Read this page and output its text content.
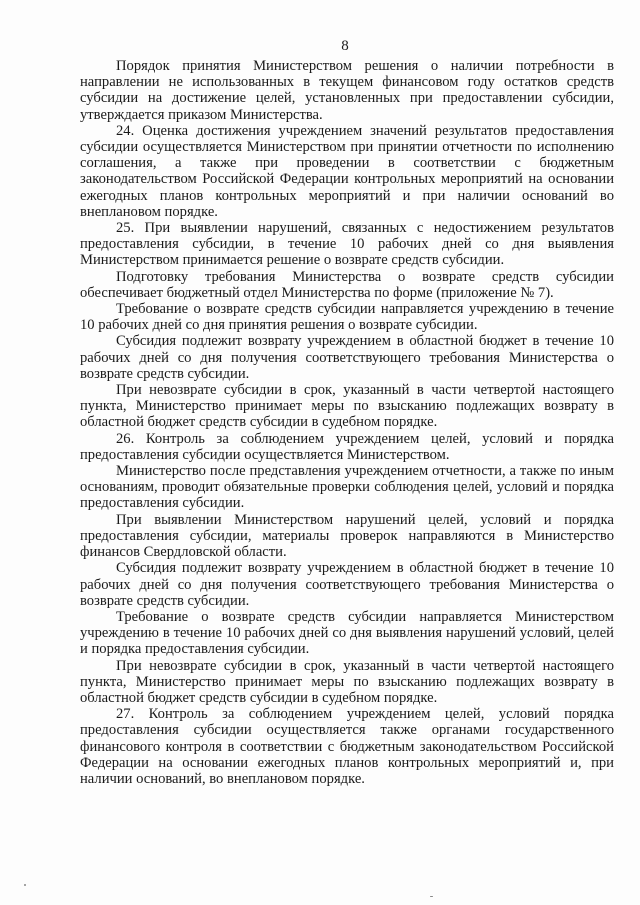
8

Порядок принятия Министерством решения о наличии потребности в направлении не использованных в текущем финансовом году остатков средств субсидии на достижение целей, установленных при предоставлении субсидии, утверждается приказом Министерства.

24. Оценка достижения учреждением значений результатов предоставления субсидии осуществляется Министерством при принятии отчетности по исполнению соглашения, а также при проведении в соответствии с бюджетным законодательством Российской Федерации контрольных мероприятий на основании ежегодных планов контрольных мероприятий и при наличии оснований во внеплановом порядке.

25. При выявлении нарушений, связанных с недостижением результатов предоставления субсидии, в течение 10 рабочих дней со дня выявления Министерством принимается решение о возврате средств субсидии.

Подготовку требования Министерства о возврате средств субсидии обеспечивает бюджетный отдел Министерства по форме (приложение № 7).

Требование о возврате средств субсидии направляется учреждению в течение 10 рабочих дней со дня принятия решения о возврате субсидии.

Субсидия подлежит возврату учреждением в областной бюджет в течение 10 рабочих дней со дня получения соответствующего требования Министерства о возврате средств субсидии.

При невозврате субсидии в срок, указанный в части четвертой настоящего пункта, Министерство принимает меры по взысканию подлежащих возврату в областной бюджет средств субсидии в судебном порядке.

26. Контроль за соблюдением учреждением целей, условий и порядка предоставления субсидии осуществляется Министерством.

Министерство после представления учреждением отчетности, а также по иным основаниям, проводит обязательные проверки соблюдения целей, условий и порядка предоставления субсидии.

При выявлении Министерством нарушений целей, условий и порядка предоставления субсидии, материалы проверок направляются в Министерство финансов Свердловской области.

Субсидия подлежит возврату учреждением в областной бюджет в течение 10 рабочих дней со дня получения соответствующего требования Министерства о возврате средств субсидии.

Требование о возврате средств субсидии направляется Министерством учреждению в течение 10 рабочих дней со дня выявления нарушений условий, целей и порядка предоставления субсидии.

При невозврате субсидии в срок, указанный в части четвертой настоящего пункта, Министерство принимает меры по взысканию подлежащих возврату в областной бюджет средств субсидии в судебном порядке.

27. Контроль за соблюдением учреждением целей, условий порядка предоставления субсидии осуществляется также органами государственного финансового контроля в соответствии с бюджетным законодательством Российской Федерации на основании ежегодных планов контрольных мероприятий и, при наличии оснований, во внеплановом порядке.
